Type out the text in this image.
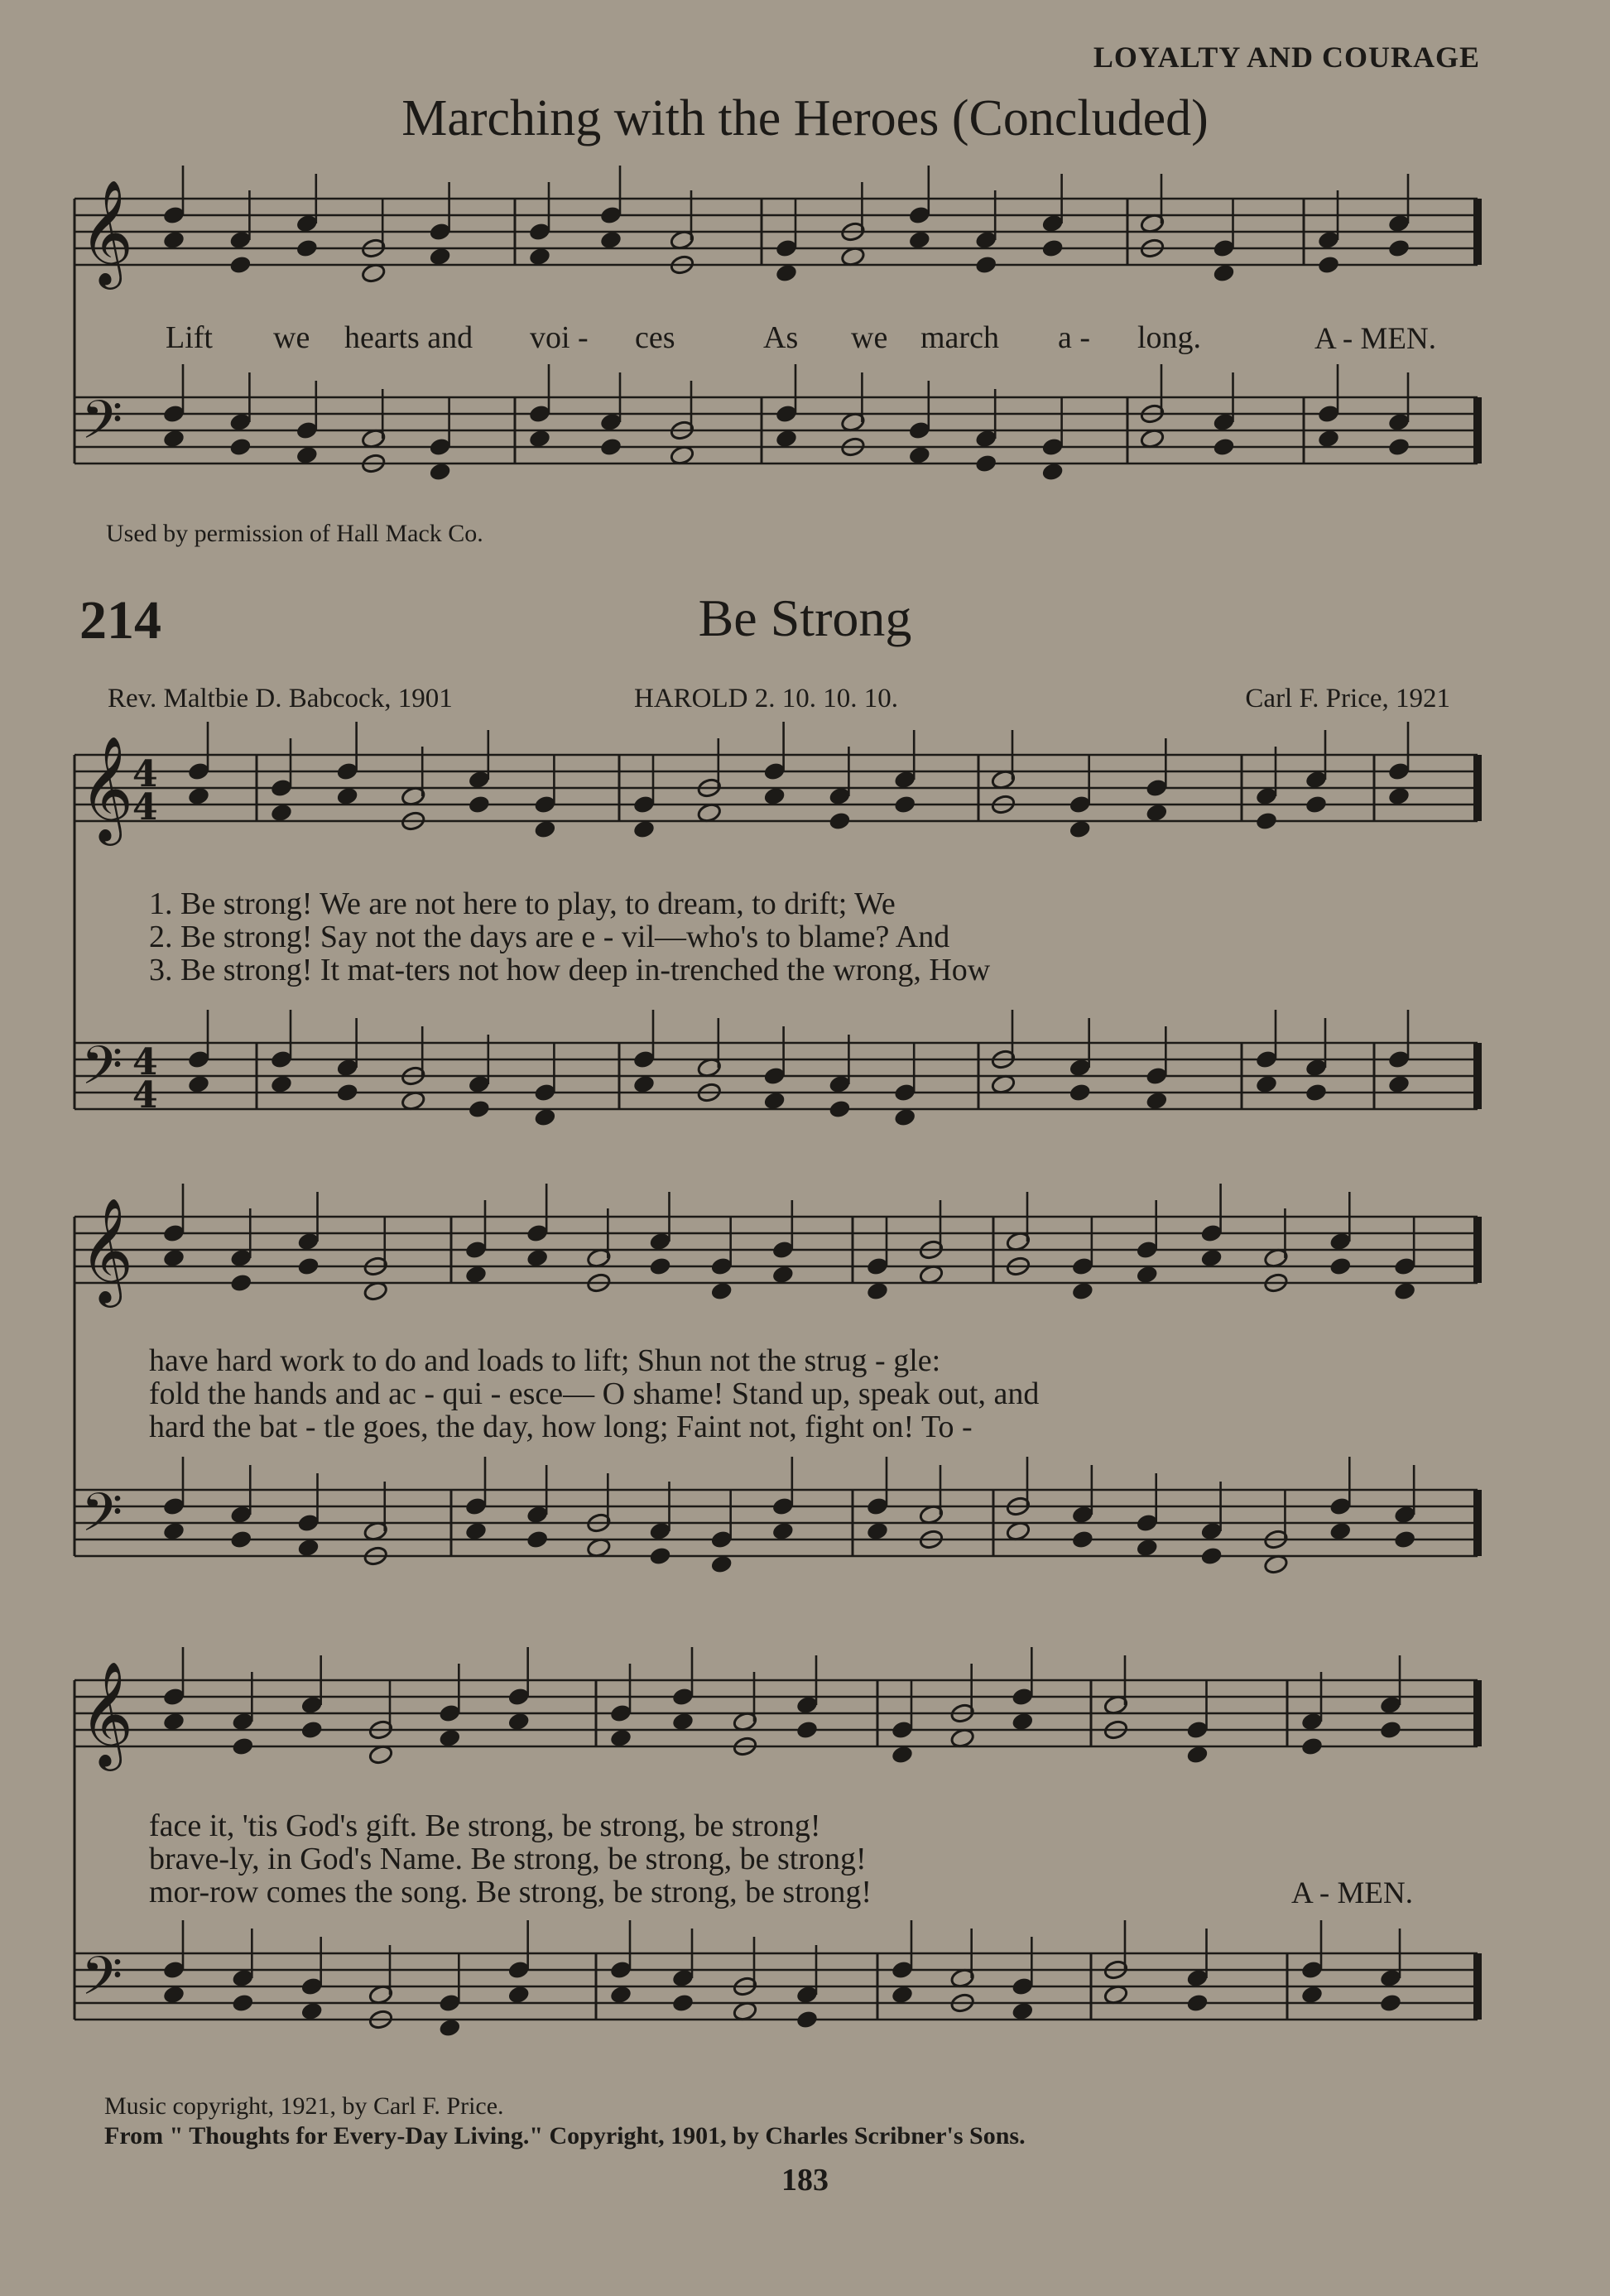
LOYALTY AND COURAGE
Marching with the Heroes (Concluded)
𝄞
𝄢
𝄞
𝄢
4
4
4
4
𝄞
𝄢
𝄞
𝄢
Lift we hearts and voi - ces	As we march a - long.	A - MEN.
Used by permission of Hall Mack Co.
214	Be Strong
Rev. Maltbie D. Babcock, 1901	HAROLD 2. 10. 10. 10.	Carl F. Price, 1921
1. Be strong! We are not here to play, to dream, to drift; We
2. Be strong! Say not the days are e - vil—who's to blame? And
3. Be strong! It mat-ters not how deep in-trenched the wrong, How
have hard work to do and loads to lift; Shun not the strug - gle:
fold the hands and ac - qui - esce— O shame! Stand up, speak out, and
hard the bat - tle goes, the day, how long; Faint not, fight on! To -
face it, 'tis God's gift. Be strong, be strong, be strong!
brave-ly, in God's Name. Be strong, be strong, be strong!
mor-row comes the song. Be strong, be strong, be strong!	A - MEN.
Music copyright, 1921, by Carl F. Price.
From " Thoughts for Every-Day Living." Copyright, 1901, by Charles Scribner's Sons.
183
